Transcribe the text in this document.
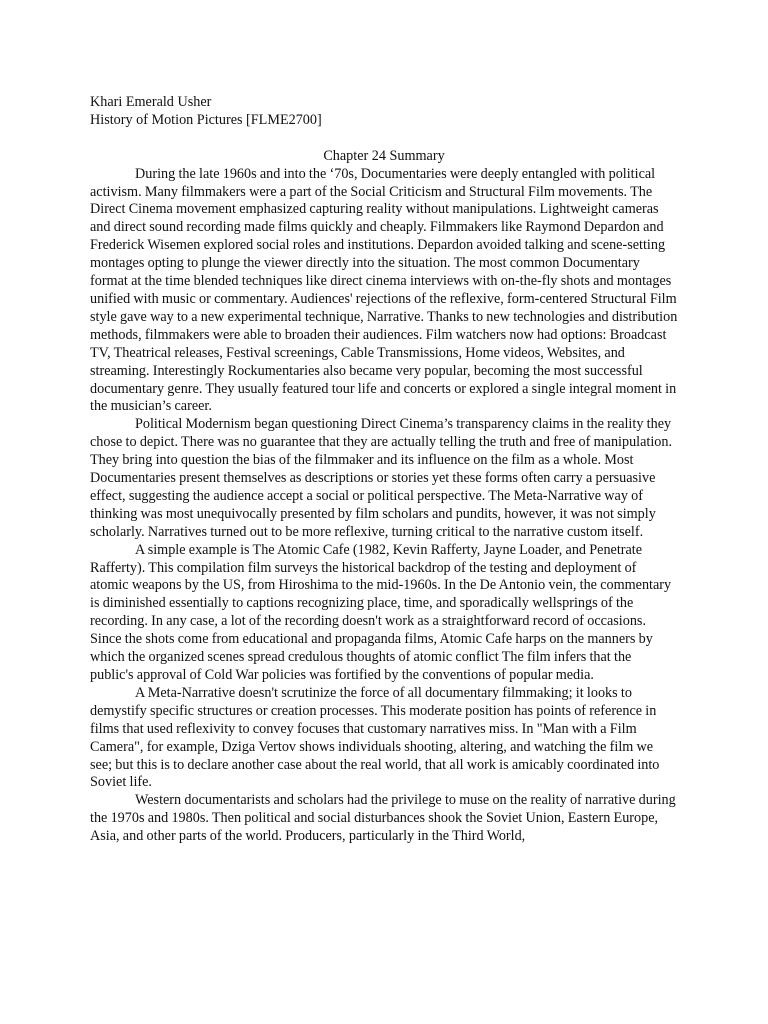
Khari Emerald Usher

History of Motion Pictures [FLME2700]

Chapter 24 Summary

During the late 1960s and into the ‘70s, Documentaries were deeply entangled with political activism. Many filmmakers were a part of the Social Criticism and Structural Film movements. The Direct Cinema movement emphasized capturing reality without manipulations. Lightweight cameras and direct sound recording made films quickly and cheaply. Filmmakers like Raymond Depardon and Frederick Wisemen explored social roles and institutions. Depardon avoided talking and scene-setting montages opting to plunge the viewer directly into the situation. The most common Documentary format at the time blended techniques like direct cinema interviews with on-the-fly shots and montages unified with music or commentary. Audiences' rejections of the reflexive, form-centered Structural Film style gave way to a new experimental technique, Narrative. Thanks to new technologies and distribution methods, filmmakers were able to broaden their audiences. Film watchers now had options: Broadcast TV, Theatrical releases, Festival screenings, Cable Transmissions, Home videos, Websites, and streaming. Interestingly Rockumentaries also became very popular, becoming the most successful documentary genre. They usually featured tour life and concerts or explored a single integral moment in the musician’s career.

Political Modernism began questioning Direct Cinema’s transparency claims in the reality they chose to depict. There was no guarantee that they are actually telling the truth and free of manipulation. They bring into question the bias of the filmmaker and its influence on the film as a whole. Most Documentaries present themselves as descriptions or stories yet these forms often carry a persuasive effect, suggesting the audience accept a social or political perspective. The Meta-Narrative way of thinking was most unequivocally presented by film scholars and pundits, however, it was not simply scholarly. Narratives turned out to be more reflexive, turning critical to the narrative custom itself.

A simple example is The Atomic Cafe (1982, Kevin Rafferty, Jayne Loader, and Penetrate Rafferty). This compilation film surveys the historical backdrop of the testing and deployment of atomic weapons by the US, from Hiroshima to the mid-1960s. In the De Antonio vein, the commentary is diminished essentially to captions recognizing place, time, and sporadically wellsprings of the recording. In any case, a lot of the recording doesn't work as a straightforward record of occasions. Since the shots come from educational and propaganda films, Atomic Cafe harps on the manners by which the organized scenes spread credulous thoughts of atomic conflict The film infers that the public's approval of Cold War policies was fortified by the conventions of popular media.

A Meta-Narrative doesn't scrutinize the force of all documentary filmmaking; it looks to demystify specific structures or creation processes. This moderate position has points of reference in films that used reflexivity to convey focuses that customary narratives miss. In "Man with a Film Camera", for example, Dziga Vertov shows individuals shooting, altering, and watching the film we see; but this is to declare another case about the real world, that all work is amicably coordinated into Soviet life.

Western documentarists and scholars had the privilege to muse on the reality of narrative during the 1970s and 1980s. Then political and social disturbances shook the Soviet Union, Eastern Europe, Asia, and other parts of the world. Producers, particularly in the Third World,
